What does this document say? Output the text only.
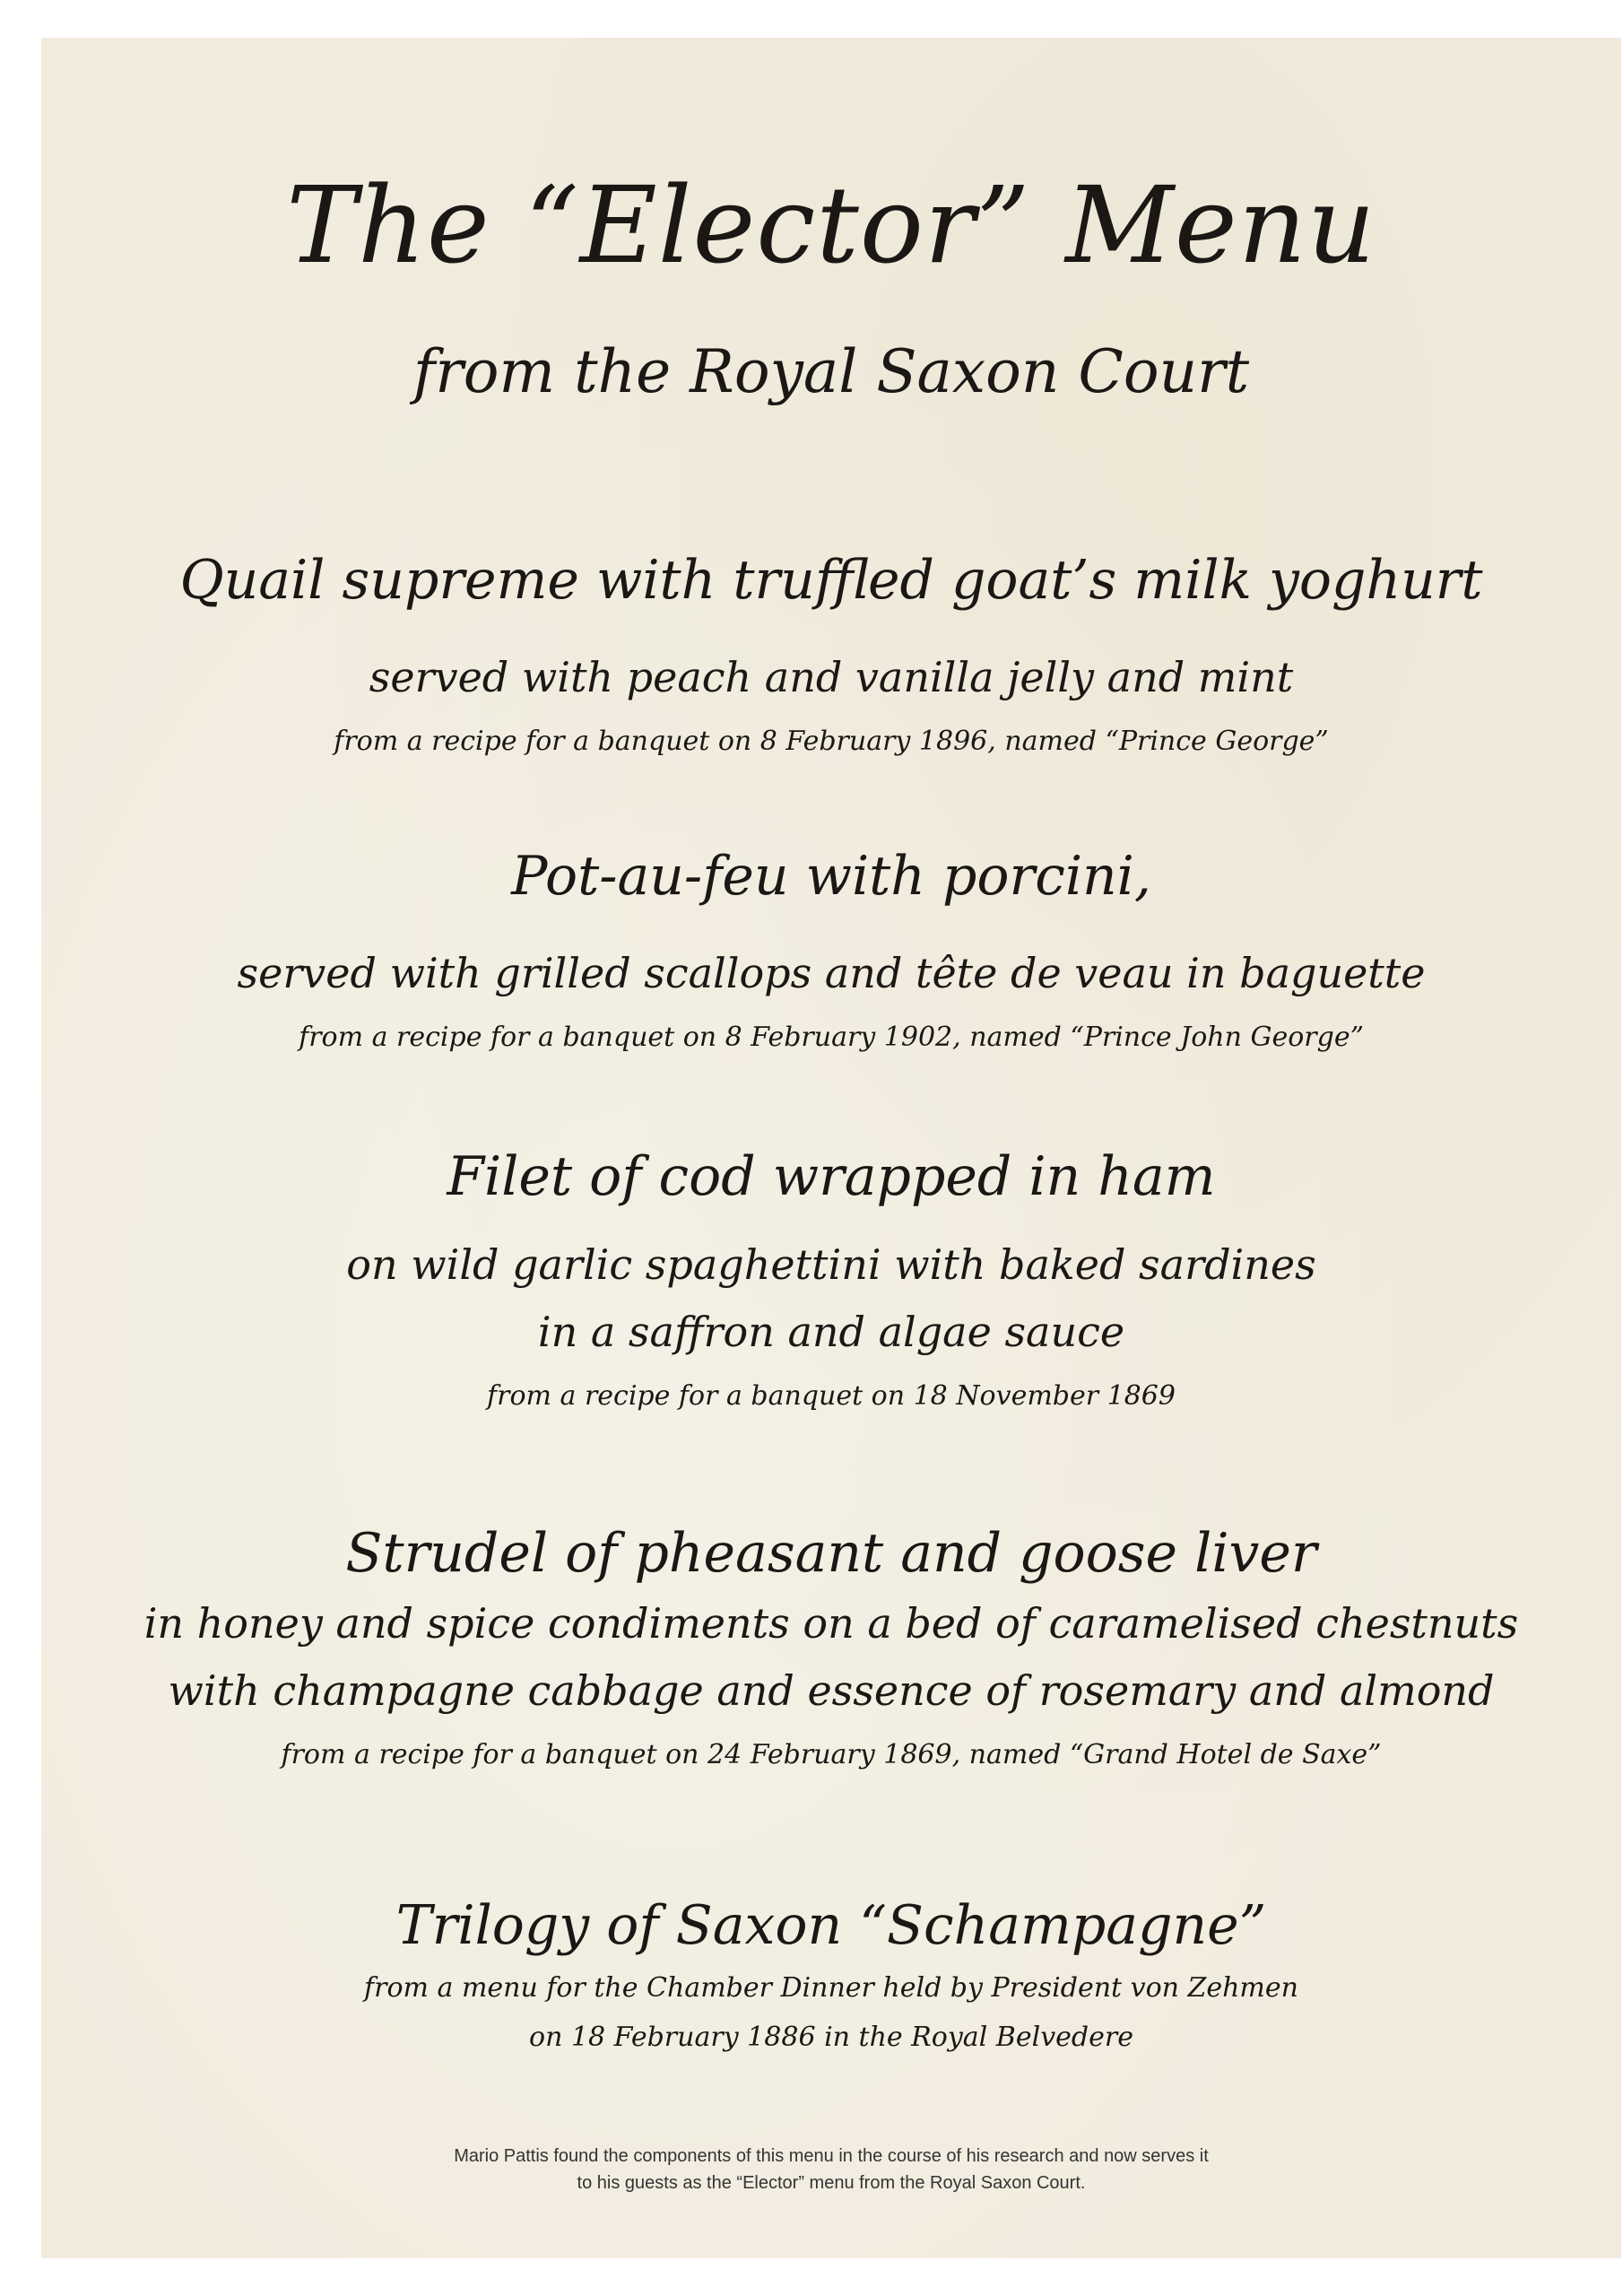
The “Elector” Menu
from the Royal Saxon Court
Quail supreme with truffled goat’s milk yoghurt
served with peach and vanilla jelly and mint
from a recipe for a banquet on 8 February 1896, named “Prince George”
Pot-au-feu with porcini,
served with grilled scallops and tête de veau in baguette
from a recipe for a banquet on 8 February 1902, named “Prince John George”
Filet of cod wrapped in ham
on wild garlic spaghettini with baked sardines
in a saffron and algae sauce
from a recipe for a banquet on 18 November 1869
Strudel of pheasant and goose liver
in honey and spice condiments on a bed of caramelised chestnuts
with champagne cabbage and essence of rosemary and almond
from a recipe for a banquet on 24 February 1869, named “Grand Hotel de Saxe”
Trilogy of Saxon “Schampagne”
from a menu for the Chamber Dinner held by President von Zehmen
on 18 February 1886 in the Royal Belvedere
Mario Pattis found the components of this menu in the course of his research and now serves it
to his guests as the “Elector” menu from the Royal Saxon Court.
